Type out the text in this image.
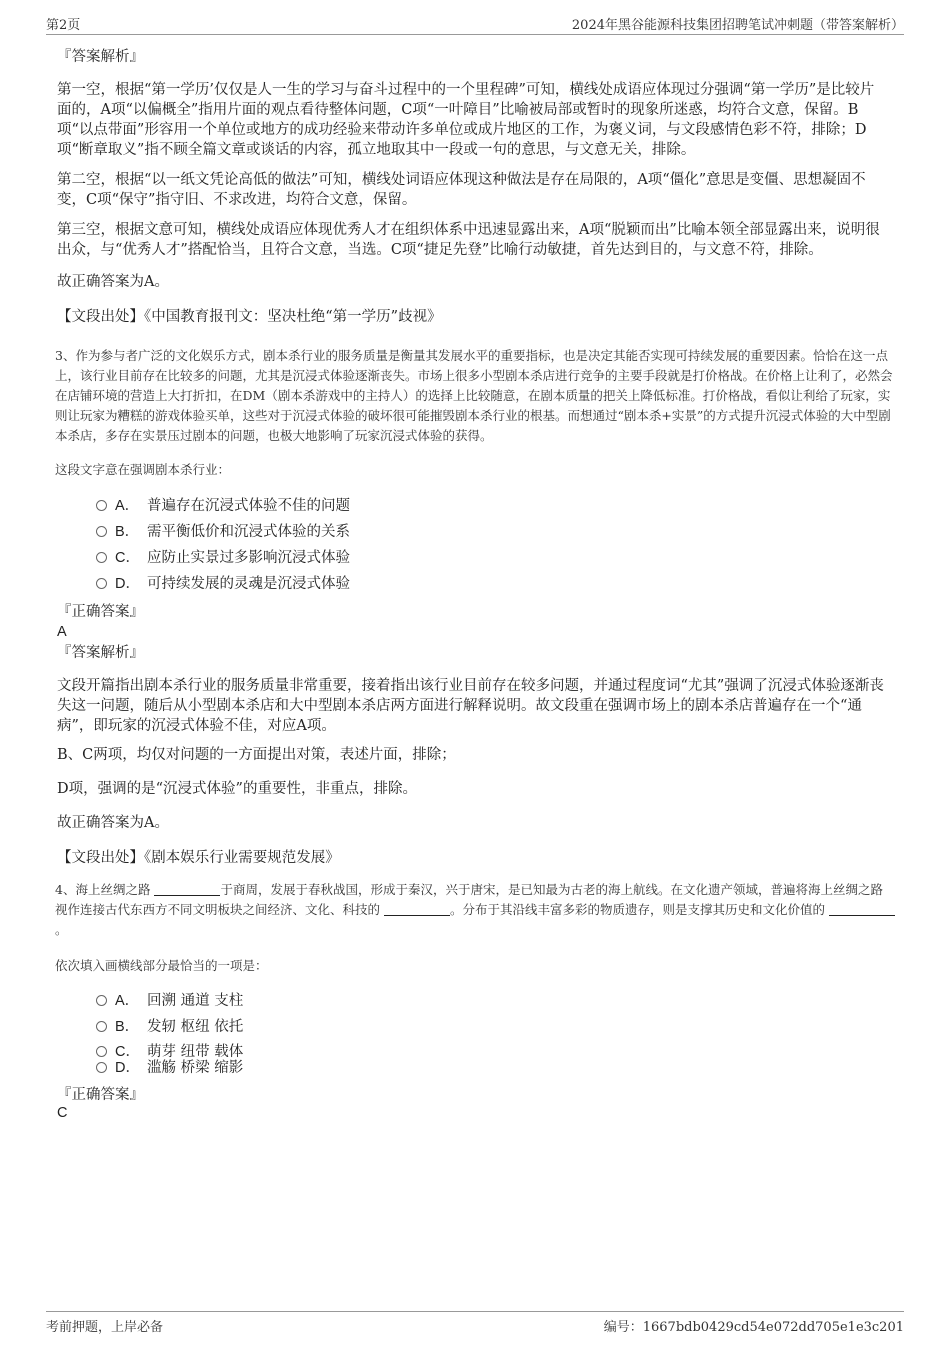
第2页	2024年黑谷能源科技集团招聘笔试冲刺题（带答案解析）
『答案解析』
第一空，根据“第一学历’仅仅是人一生的学习与奋斗过程中的一个里程碑”可知，横线处成语应体现过分强调“第一学历”是比较片面的，A项“以偏概全”指用片面的观点看待整体问题，C项“一叶障目”比喻被局部或暂时的现象所迷惑，均符合文意，保留。B项“以点带面”形容用一个单位或地方的成功经验来带动许多单位或成片地区的工作，为褒义词，与文段感情色彩不符，排除；D项“断章取义”指不顾全篇文章或谈话的内容，孤立地取其中一段或一句的意思，与文意无关，排除。
第二空，根据“以一纸文凭论高低的做法”可知，横线处词语应体现这种做法是存在局限的，A项“僵化”意思是变僵、思想凝固不变，C项“保守”指守旧、不求改进，均符合文意，保留。
第三空，根据文意可知，横线处成语应体现优秀人才在组织体系中迅速显露出来，A项“脱颖而出”比喻本领全部显露出来，说明很出众，与“优秀人才”搭配恰当，且符合文意，当选。C项“捷足先登”比喻行动敏捷，首先达到目的，与文意不符，排除。
故正确答案为A。
【文段出处】《中国教育报刊文：坚决杜绝“第一学历”歧视》
3、作为参与者广泛的文化娱乐方式，剧本杀行业的服务质量是衡量其发展水平的重要指标，也是决定其能否实现可持续发展的重要因素。恰恰在这一点上，该行业目前存在比较多的问题，尤其是沉浸式体验逐渐丧失。市场上很多小型剧本杀店进行竞争的主要手段就是打价格战。在价格上让利了，必然会在店铺环境的营造上大打折扣，在DM（剧本杀游戏中的主持人）的选择上比较随意，在剧本质量的把关上降低标准。打价格战，看似让利给了玩家，实则让玩家为糟糕的游戏体验买单，这些对于沉浸式体验的破坏很可能摧毁剧本杀行业的根基。而想通过“剧本杀+实景”的方式提升沉浸式体验的大中型剧本杀店，多存在实景压过剧本的问题，也极大地影响了玩家沉浸式体验的获得。
这段文字意在强调剧本杀行业：
A． 普遍存在沉浸式体验不佳的问题
B． 需平衡低价和沉浸式体验的关系
C． 应防止实景过多影响沉浸式体验
D． 可持续发展的灵魂是沉浸式体验
『正确答案』
A
『答案解析』
文段开篇指出剧本杀行业的服务质量非常重要，接着指出该行业目前存在较多问题，并通过程度词“尤其”强调了沉浸式体验逐渐丧失这一问题，随后从小型剧本杀店和大中型剧本杀店两方面进行解释说明。故文段重在强调市场上的剧本杀店普遍存在一个“通病”，即玩家的沉浸式体验不佳，对应A项。
B、C两项，均仅对问题的一方面提出对策，表述片面，排除；
D项，强调的是“沉浸式体验”的重要性，非重点，排除。
故正确答案为A。
【文段出处】《剧本娱乐行业需要规范发展》
4、海上丝绸之路	于商周，发展于春秋战国，形成于秦汉，兴于唐宋，是已知最为古老的海上航线。在文化遗产领域，普遍将海上丝绸之路视作连接古代东西方不同文明板块之间经济、文化、科技的	。分布于其沿线丰富多彩的物质遗存，则是支撑其历史和文化价值的 。
依次填入画横线部分最恰当的一项是：
A． 回溯 通道 支柱
B． 发轫 枢纽 依托
C． 萌芽 纽带 载体
D． 滥觞 桥梁 缩影
『正确答案』
C
考前押题，上岸必备	编号：1667bdb0429cd54e072dd705e1e3c201
